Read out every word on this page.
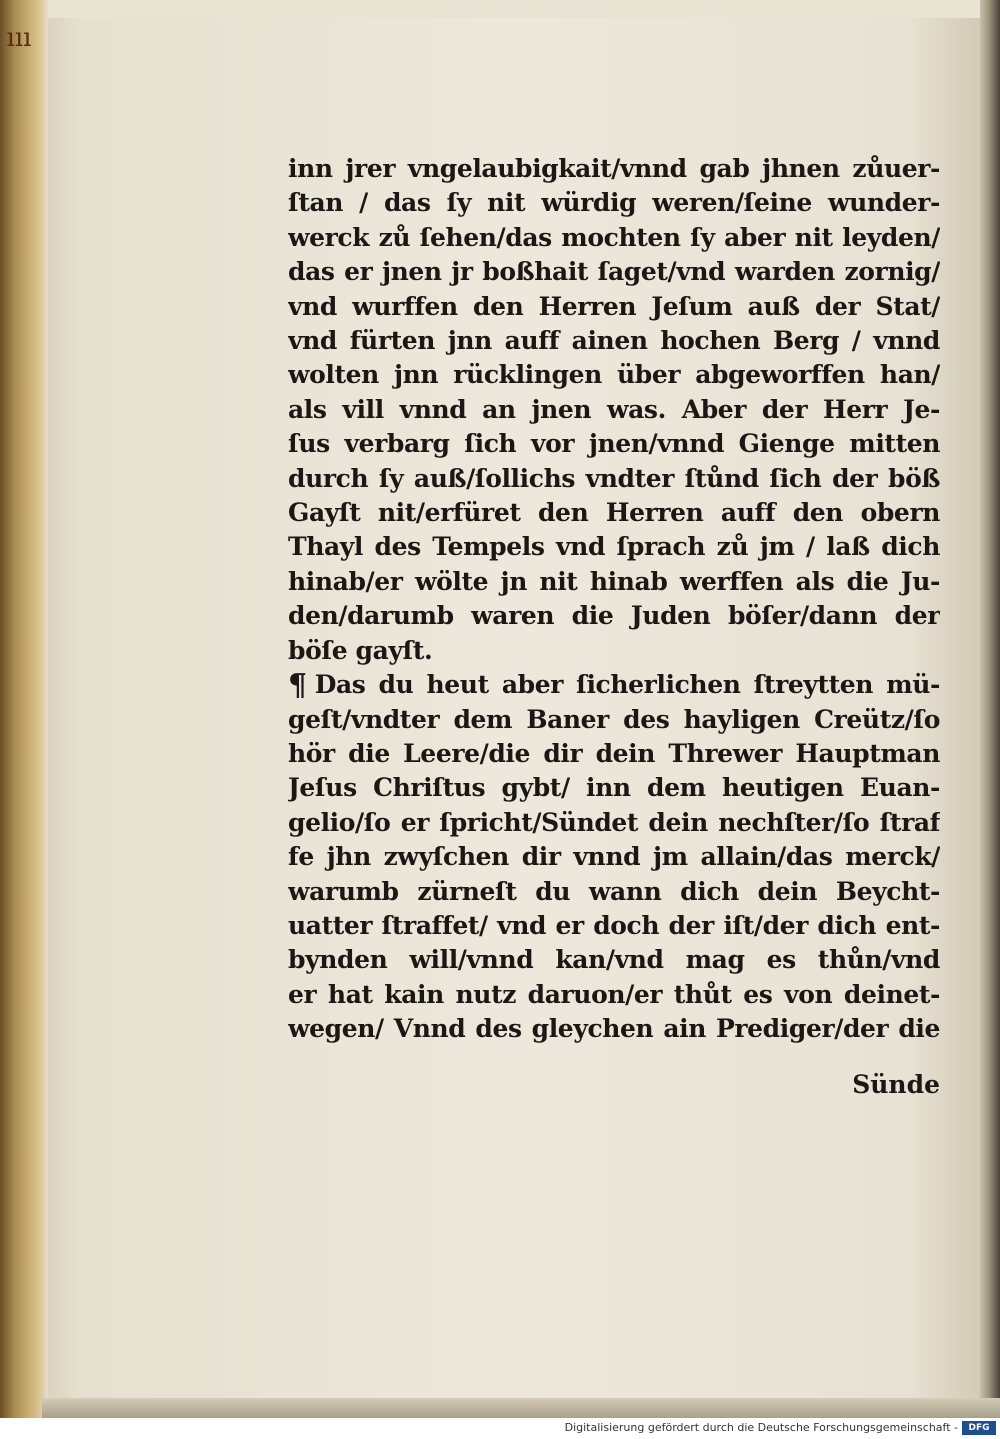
ııı
inn jrer vngelaubigkait/vnnd gab jhnen zůuer-
ſtan / das ſy nit würdig weren/ſeine wunder-
werck zů ſehen/das mochten ſy aber nit leyden/
das er jnen jr boßhait ſaget/vnd warden zornig/
vnd wurffen den Herren Jeſum auß der Stat/
vnd fürten jnn auff ainen hochen Berg / vnnd
wolten jnn rücklingen über abgeworffen han/
als vill vnnd an jnen was. Aber der Herr Je-
ſus verbarg ſich vor jnen/vnnd Gienge mitten
durch ſy auß/ſollichs vndter ſtůnd ſich der böß
Gayſt nit/erfüret den Herren auff den obern
Thayl des Tempels vnd ſprach zů jm / laß dich
hinab/er wölte jn nit hinab werffen als die Ju-
den/darumb waren die Juden böſer/dann der
böſe gayſt.
¶ Das du heut aber ſicherlichen ſtreytten mü-
geſt/vndter dem Baner des hayligen Creütz/ſo
hör die Leere/die dir dein Threwer Hauptman
Jeſus Chriſtus gybt/ inn dem heutigen Euan-
gelio/ſo er ſpricht/Sündet dein nechſter/ſo ſtraf
fe jhn zwyſchen dir vnnd jm allain/das merck/
warumb zürneſt du wann dich dein Beycht-
uatter ſtraffet/ vnd er doch der iſt/der dich ent-
bynden will/vnnd kan/vnd mag es thůn/vnd
er hat kain nutz daruon/er thůt es von deinet-
wegen/ Vnnd des gleychen ain Prediger/der die
Sünde
Digitalisierung gefördert durch die Deutsche Forschungsgemeinschaft -	DFG
